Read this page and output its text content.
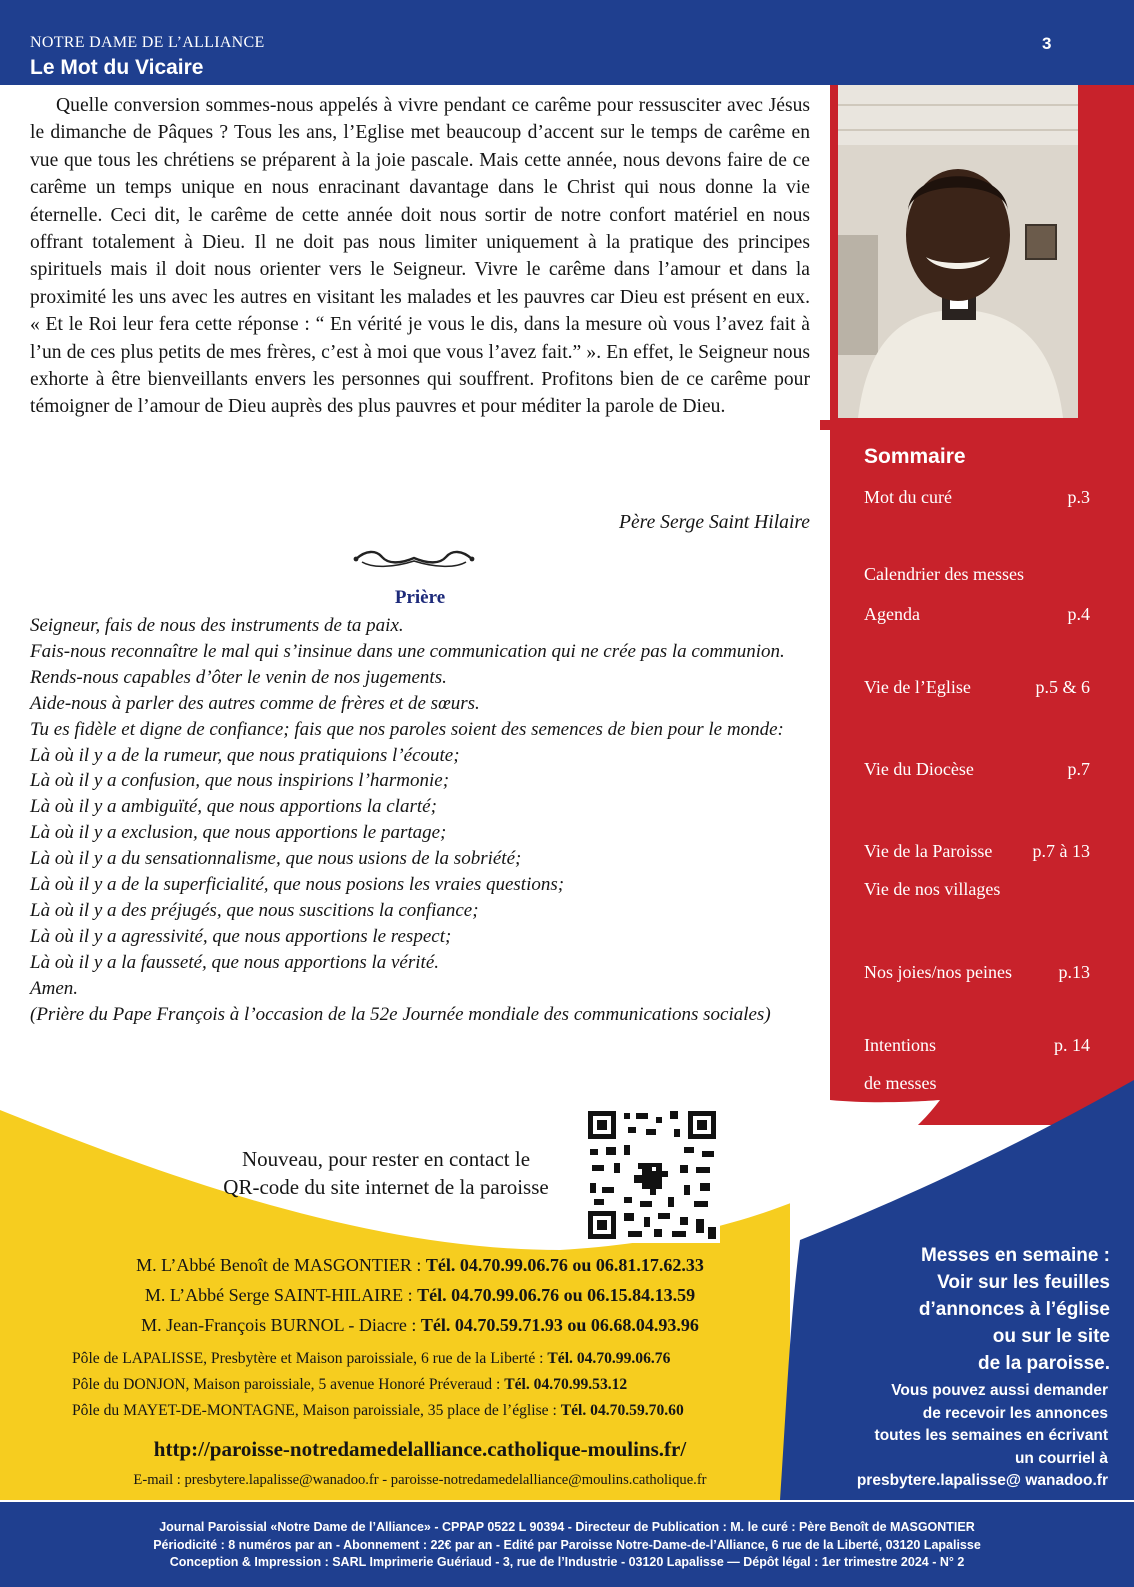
NOTRE DAME DE L’ALLIANCE
Le Mot du Vicaire
3

Quelle conversion sommes-nous appelés à vivre pendant ce carême pour ressusciter avec Jésus le dimanche de Pâques ? Tous les ans, l’Eglise met beaucoup d’accent sur le temps de carême en vue que tous les chrétiens se préparent à la joie pascale. Mais cette année, nous devons faire de ce carême un temps unique en nous enracinant davantage dans le Christ qui nous donne la vie éternelle. Ceci dit, le carême de cette année doit nous sortir de notre confort matériel en nous offrant totalement à Dieu. Il ne doit pas nous limiter uniquement à la pratique des principes spirituels mais il doit nous orienter vers le Seigneur. Vivre le carême dans l’amour et dans la proximité les uns avec les autres en visitant les malades et les pauvres car Dieu est présent en eux. « Et le Roi leur fera cette réponse : “ En vérité je vous le dis, dans la mesure où vous l’avez fait à l’un de ces plus petits de mes frères, c’est à moi que vous l’avez fait.” ». En effet, le Seigneur nous exhorte à être bienveillants envers les personnes qui souffrent. Profitons bien de ce carême pour témoigner de l’amour de Dieu auprès des plus pauvres et pour méditer la parole de Dieu.

Père Serge Saint Hilaire
Prière
Seigneur, fais de nous des instruments de ta paix.
Fais-nous reconnaître le mal qui s’insinue dans une communication qui ne crée pas la communion.
Rends-nous capables d’ôter le venin de nos jugements.
Aide-nous à parler des autres comme de frères et de sœurs.
Tu es fidèle et digne de confiance; fais que nos paroles soient des semences de bien pour le monde:
Là où il y a de la rumeur, que nous pratiquions l’écoute;
Là où il y a confusion, que nous inspirions l’harmonie;
Là où il y a ambiguïté, que nous apportions la clarté;
Là où il y a exclusion, que nous apportions le partage;
Là où il y a du sensationnalisme, que nous usions de la sobriété;
Là où il y a de la superficialité, que nous posions les vraies questions;
Là où il y a des préjugés, que nous suscitions la confiance;
Là où il y a agressivité, que nous apportions le respect;
Là où il y a la fausseté, que nous apportions la vérité.
Amen.
(Prière du Pape François à l’occasion de la 52e Journée mondiale des communications sociales)
Sommaire
Mot du curé	p.3
Calendrier des messes
Agenda	p.4
Vie de l’Eglise	p.5 & 6
Vie du Diocèse	p.7
Vie de la Paroisse	p.7 à 13
Vie de nos villages
Nos joies/nos peines	p.13
Intentions	p. 14
de messes
Nouveau, pour rester en contact le
QR-code du site internet de la paroisse
M. L’Abbé Benoît de MASGONTIER : Tél. 04.70.99.06.76 ou 06.81.17.62.33
M. L’Abbé Serge SAINT-HILAIRE : Tél. 04.70.99.06.76 ou 06.15.84.13.59
M. Jean-François BURNOL - Diacre : Tél. 04.70.59.71.93 ou 06.68.04.93.96
Pôle de LAPALISSE, Presbytère et Maison paroissiale, 6 rue de la Liberté : Tél. 04.70.99.06.76
Pôle du DONJON, Maison paroissiale, 5 avenue Honoré Préveraud : Tél. 04.70.99.53.12
Pôle du MAYET-DE-MONTAGNE, Maison paroissiale, 35 place de l’église : Tél. 04.70.59.70.60
http://paroisse-notredamedelalliance.catholique-moulins.fr/
E-mail : presbytere.lapalisse@wanadoo.fr - paroisse-notredamedelalliance@moulins.catholique.fr
Messes en semaine :
Voir sur les feuilles
d’annonces à l’église
ou sur le site
de la paroisse.
Vous pouvez aussi demander
de recevoir les annonces
toutes les semaines en écrivant
un courriel à
presbytere.lapalisse@ wanadoo.fr
Journal Paroissial «Notre Dame de l’Alliance» - CPPAP 0522 L 90394 - Directeur de Publication : M. le curé : Père Benoît de MASGONTIER
Périodicité : 8 numéros par an - Abonnement : 22€ par an - Edité par Paroisse Notre-Dame-de-l’Alliance, 6 rue de la Liberté, 03120 Lapalisse
Conception & Impression : SARL Imprimerie Guériaud - 3, rue de l’Industrie - 03120 Lapalisse — Dépôt légal : 1er trimestre 2024 - N° 2
